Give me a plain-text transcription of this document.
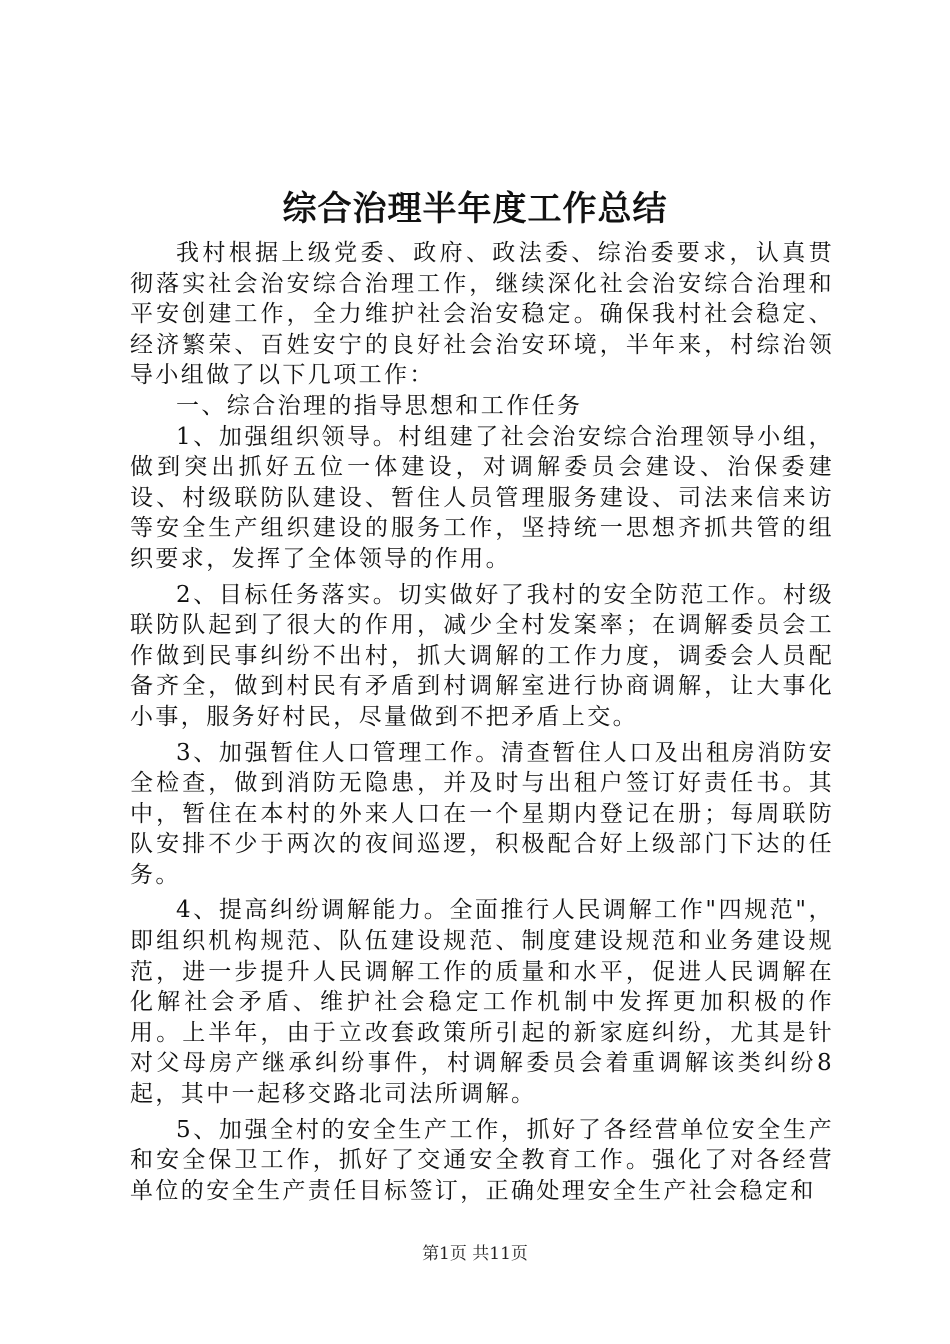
综合治理半年度工作总结

我村根据上级党委、政府、政法委、综治委要求，认真贯彻落实社会治安综合治理工作，继续深化社会治安综合治理和平安创建工作，全力维护社会治安稳定。确保我村社会稳定、经济繁荣、百姓安宁的良好社会治安环境，半年来，村综治领导小组做了以下几项工作：

一、综合治理的指导思想和工作任务

1、加强组织领导。村组建了社会治安综合治理领导小组，做到突出抓好五位一体建设，对调解委员会建设、治保委建设、村级联防队建设、暂住人员管理服务建设、司法来信来访等安全生产组织建设的服务工作，坚持统一思想齐抓共管的组织要求，发挥了全体领导的作用。

2、目标任务落实。切实做好了我村的安全防范工作。村级联防队起到了很大的作用，减少全村发案率；在调解委员会工作做到民事纠纷不出村，抓大调解的工作力度，调委会人员配备齐全，做到村民有矛盾到村调解室进行协商调解，让大事化小事，服务好村民，尽量做到不把矛盾上交。

3、加强暂住人口管理工作。清查暂住人口及出租房消防安全检查，做到消防无隐患，并及时与出租户签订好责任书。其中，暂住在本村的外来人口在一个星期内登记在册；每周联防队安排不少于两次的夜间巡逻，积极配合好上级部门下达的任务。

4、提高纠纷调解能力。全面推行人民调解工作"四规范"，即组织机构规范、队伍建设规范、制度建设规范和业务建设规范，进一步提升人民调解工作的质量和水平，促进人民调解在化解社会矛盾、维护社会稳定工作机制中发挥更加积极的作用。上半年，由于立改套政策所引起的新家庭纠纷，尤其是针对父母房产继承纠纷事件，村调解委员会着重调解该类纠纷8起，其中一起移交路北司法所调解。

5、加强全村的安全生产工作，抓好了各经营单位安全生产和安全保卫工作，抓好了交通安全教育工作。强化了对各经营单位的安全生产责任目标签订，正确处理安全生产社会稳定和

第1页 共11页
